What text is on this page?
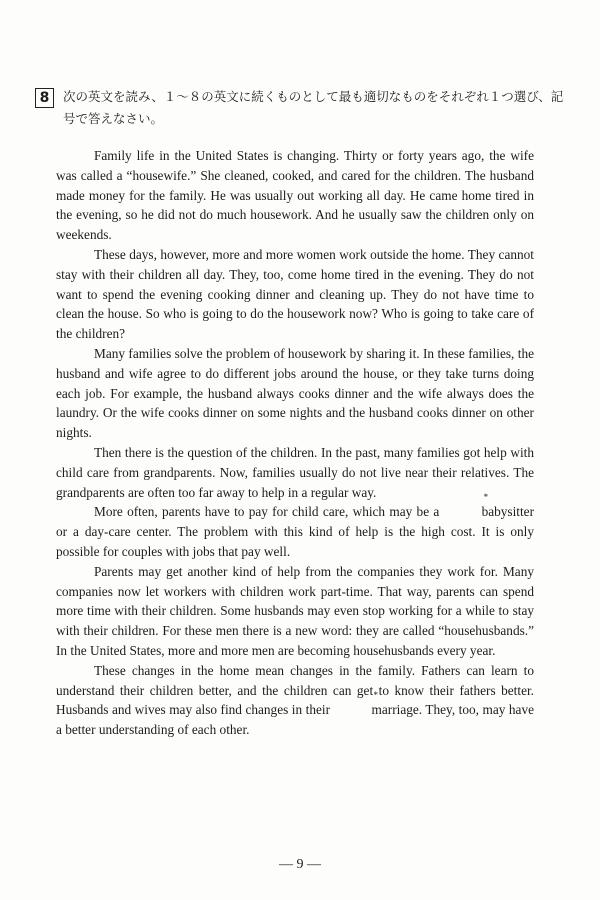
8	次の英文を読み、１～８の英文に続くものとして最も適切なものをそれぞれ１つ選び、記号で答えなさい。

Family life in the United States is changing. Thirty or forty years ago, the wife was called a “housewife.” She cleaned, cooked, and cared for the children. The husband made money for the family. He was usually out working all day. He came home tired in the evening, so he did not do much housework. And he usually saw the children only on weekends.

These days, however, more and more women work outside the home. They cannot stay with their children all day. They, too, come home tired in the evening. They do not want to spend the evening cooking dinner and cleaning up. They do not have time to clean the house. So who is going to do the housework now? Who is going to take care of the children?

Many families solve the problem of housework by sharing it. In these families, the husband and wife agree to do different jobs around the house, or they take turns doing each job. For example, the husband always cooks dinner and the wife always does the laundry. Or the wife cooks dinner on some nights and the husband cooks dinner on other nights.

Then there is the question of the children. In the past, many families got help with child care from grandparents. Now, families usually do not live near their relatives. The grandparents are often too far away to help in a regular way.

More often, parents have to pay for child care, which may be a	* babysitter or a day-care center. The problem with this kind of help is the high cost. It is only possible for couples with jobs that pay well.

Parents may get another kind of help from the companies they work for. Many companies now let workers with children work part-time. That way, parents can spend more time with their children. Some husbands may even stop working for a while to stay with their children. For these men there is a new word: they are called “househusbands.” In the United States, more and more men are becoming househusbands every year.

These changes in the home mean changes in the family. Fathers can learn to understand their children better, and the children can get to know their fathers better. Husbands and wives may also find changes in their	* marriage. They, too, may have a better understanding of each other.

— 9 —
